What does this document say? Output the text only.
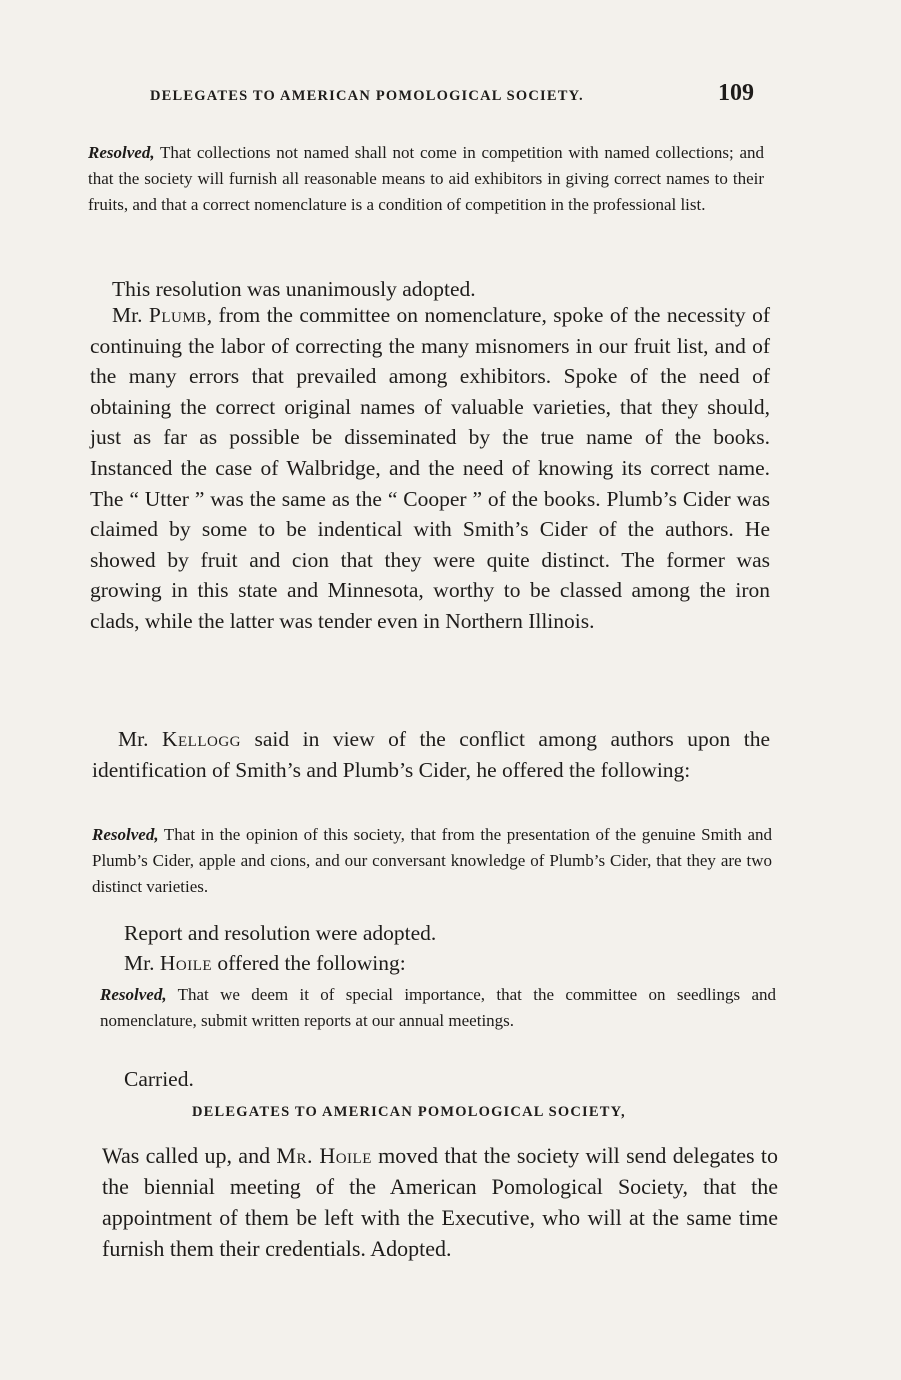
DELEGATES TO AMERICAN POMOLOGICAL SOCIETY.	109
Resolved, That collections not named shall not come in competition with named collections; and that the society will furnish all reasonable means to aid exhibitors in giving correct names to their fruits, and that a correct nomenclature is a condition of competition in the professional list.
This resolution was unanimously adopted.
Mr. Plumb, from the committee on nomenclature, spoke of the necessity of continuing the labor of correcting the many misnomers in our fruit list, and of the many errors that prevailed among exhibitors. Spoke of the need of obtaining the correct original names of valuable varieties, that they should, just as far as possible be disseminated by the true name of the books. Instanced the case of Walbridge, and the need of knowing its correct name. The “ Utter ” was the same as the “ Cooper ” of the books. Plumb’s Cider was claimed by some to be indentical with Smith’s Cider of the authors. He showed by fruit and cion that they were quite distinct. The former was growing in this state and Minnesota, worthy to be classed among the iron clads, while the latter was tender even in Northern Illinois.
Mr. Kellogg said in view of the conflict among authors upon the identification of Smith’s and Plumb’s Cider, he offered the following:
Resolved, That in the opinion of this society, that from the presentation of the genuine Smith and Plumb’s Cider, apple and cions, and our conversant knowledge of Plumb’s Cider, that they are two distinct varieties.
Report and resolution were adopted.
Mr. Hoile offered the following:
Resolved, That we deem it of special importance, that the committee on seedlings and nomenclature, submit written reports at our annual meetings.
Carried.
DELEGATES TO AMERICAN POMOLOGICAL SOCIETY,
Was called up, and Mr. Hoile moved that the society will send delegates to the biennial meeting of the American Pomological Society, that the appointment of them be left with the Executive, who will at the same time furnish them their credentials. Adopted.
